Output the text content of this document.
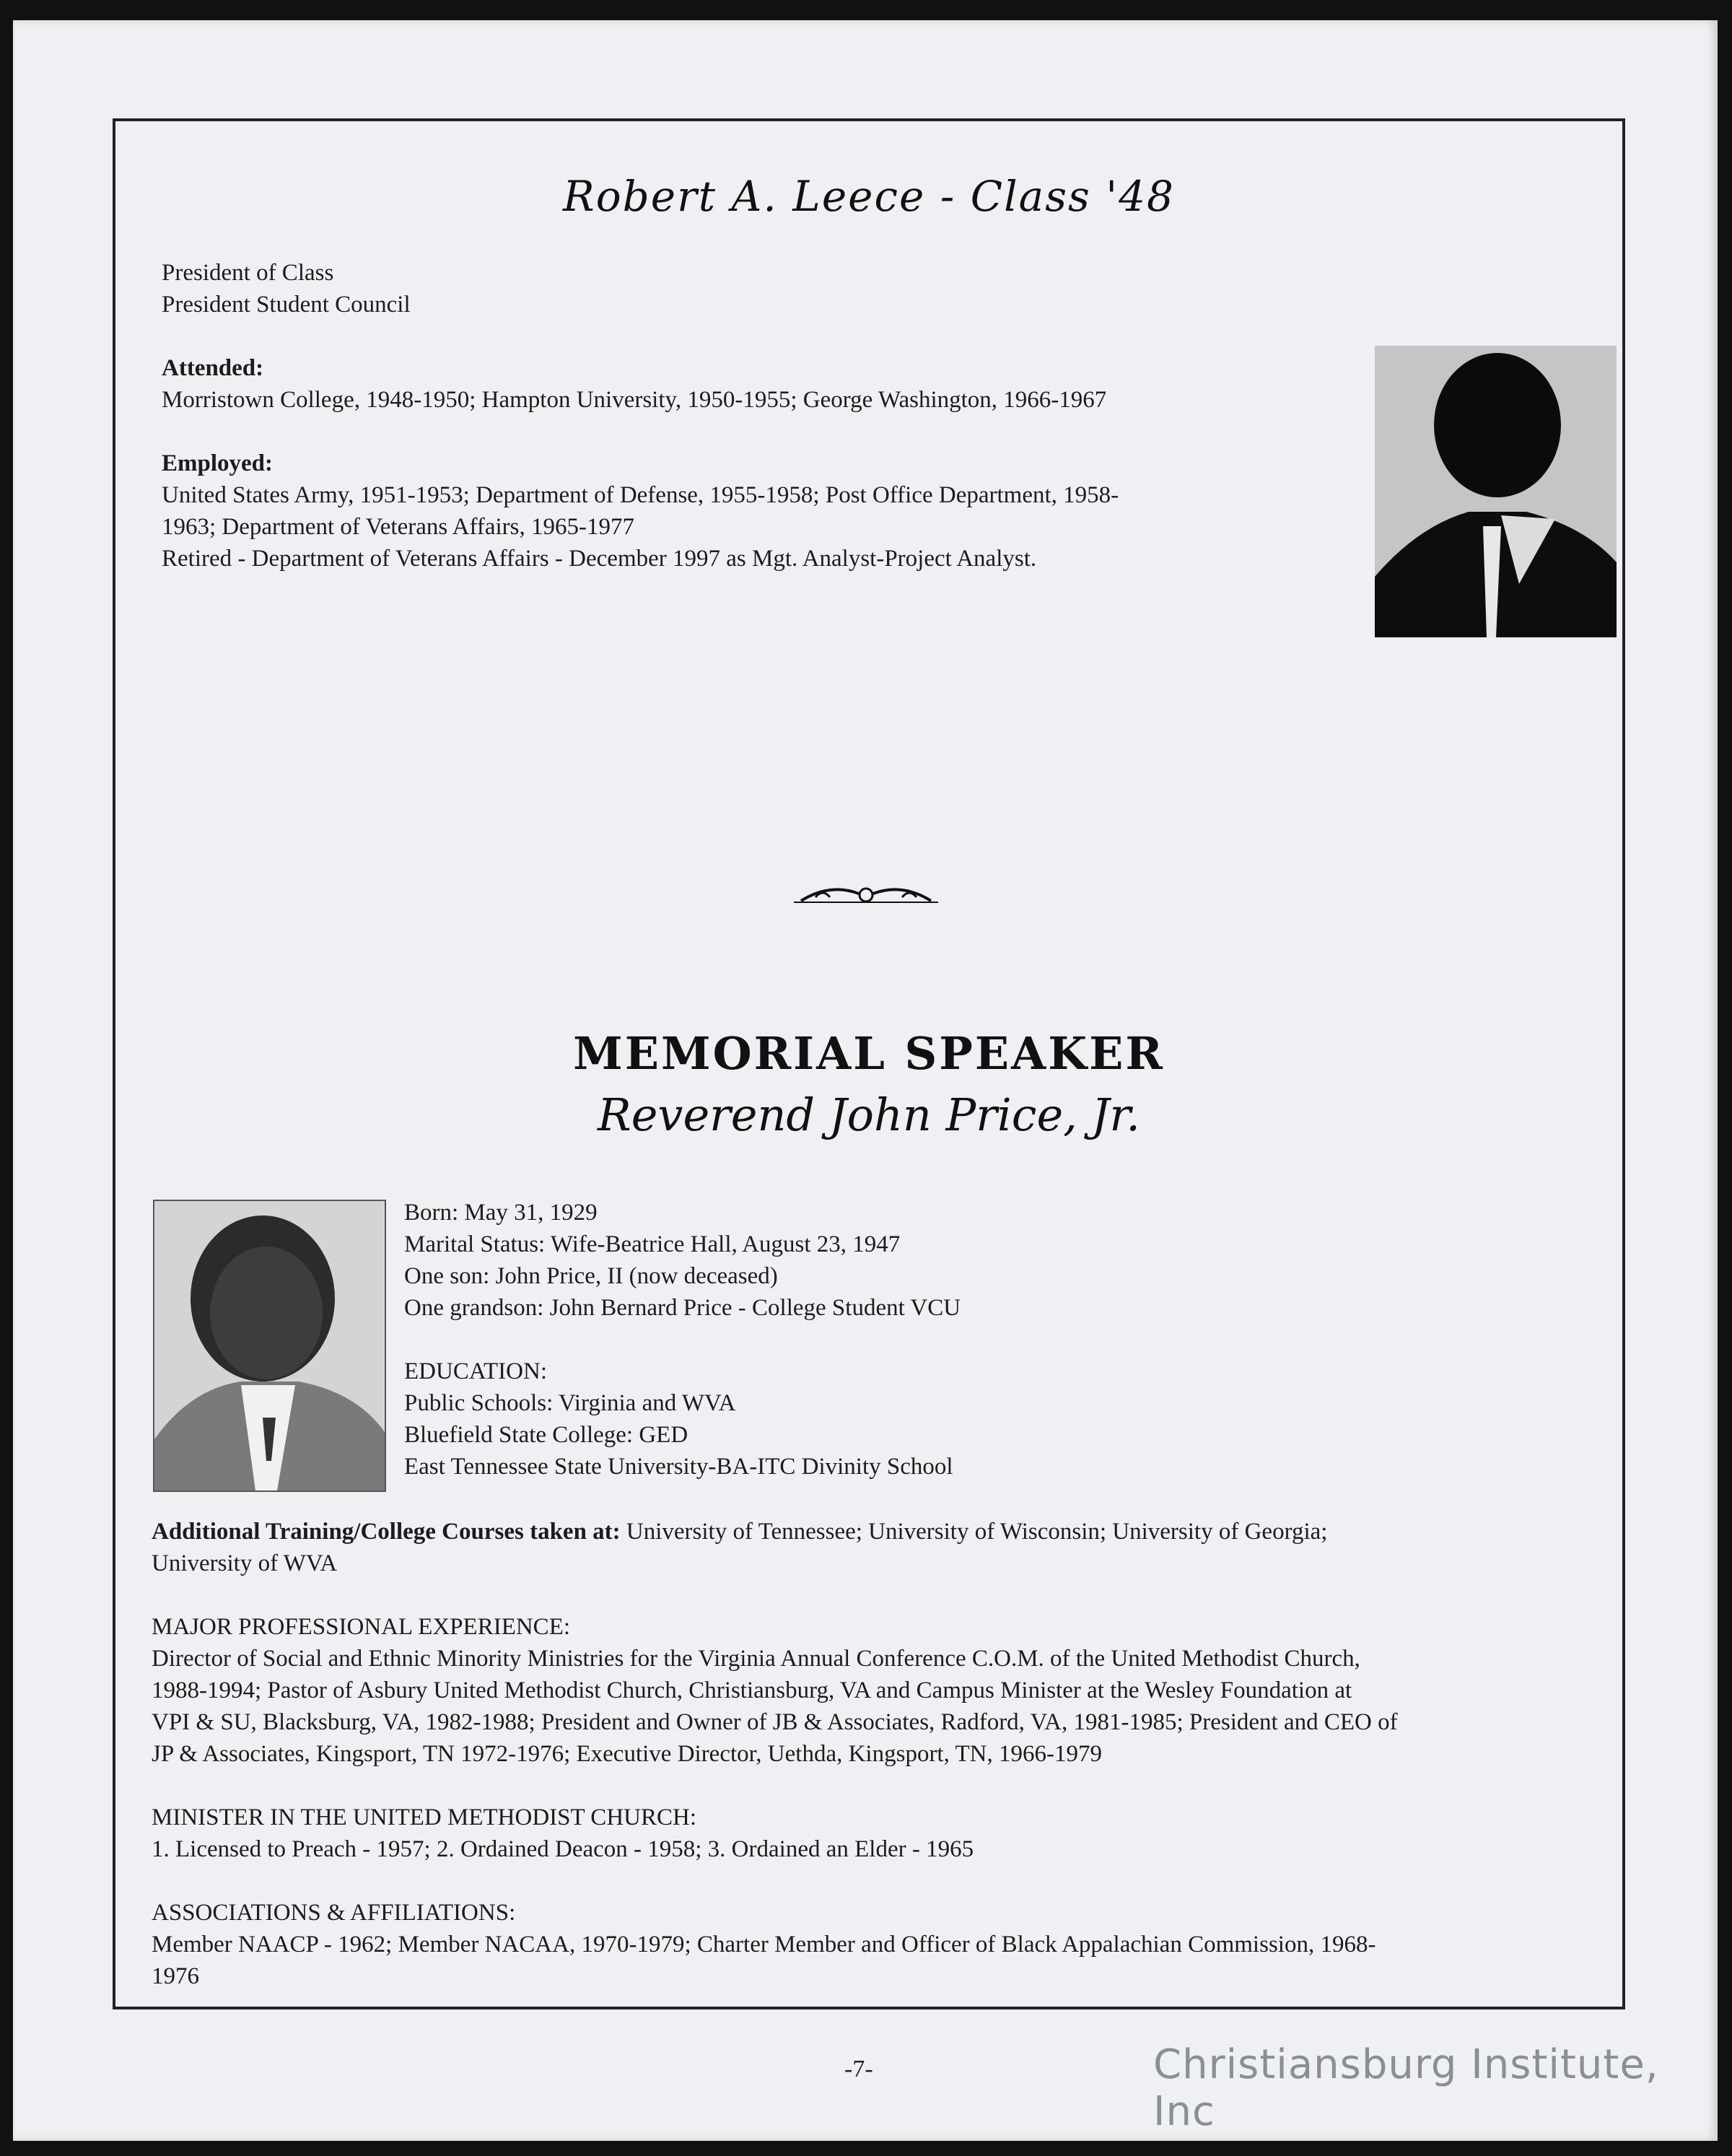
Robert A. Leece - Class '48

President of Class

President Student Council

Attended:

Morristown College, 1948-1950; Hampton University, 1950-1955; George Washington, 1966-1967

Employed:

United States Army, 1951-1953; Department of Defense, 1955-1958; Post Office Department, 1958-

1963; Department of Veterans Affairs, 1965-1977

Retired - Department of Veterans Affairs - December 1997 as Mgt. Analyst-Project Analyst.

MEMORIAL SPEAKER
Reverend John Price, Jr.

Born: May 31, 1929

Marital Status: Wife-Beatrice Hall, August 23, 1947

One son: John Price, II (now deceased)

One grandson: John Bernard Price - College Student VCU

EDUCATION:

Public Schools: Virginia and WVA

Bluefield State College: GED

East Tennessee State University-BA-ITC Divinity School

Additional Training/College Courses taken at: University of Tennessee; University of Wisconsin; University of Georgia;

University of WVA

MAJOR PROFESSIONAL EXPERIENCE:

Director of Social and Ethnic Minority Ministries for the Virginia Annual Conference C.O.M. of the United Methodist Church,

1988-1994; Pastor of Asbury United Methodist Church, Christiansburg, VA and Campus Minister at the Wesley Foundation at

VPI & SU, Blacksburg, VA, 1982-1988; President and Owner of JB & Associates, Radford, VA, 1981-1985; President and CEO of

JP & Associates, Kingsport, TN 1972-1976; Executive Director, Uethda, Kingsport, TN, 1966-1979

MINISTER IN THE UNITED METHODIST CHURCH:

1. Licensed to Preach - 1957; 2. Ordained Deacon - 1958; 3. Ordained an Elder - 1965

ASSOCIATIONS & AFFILIATIONS:

Member NAACP - 1962; Member NACAA, 1970-1979; Charter Member and Officer of Black Appalachian Commission, 1968-

1976

-7-	Christiansburg Institute, Inc
